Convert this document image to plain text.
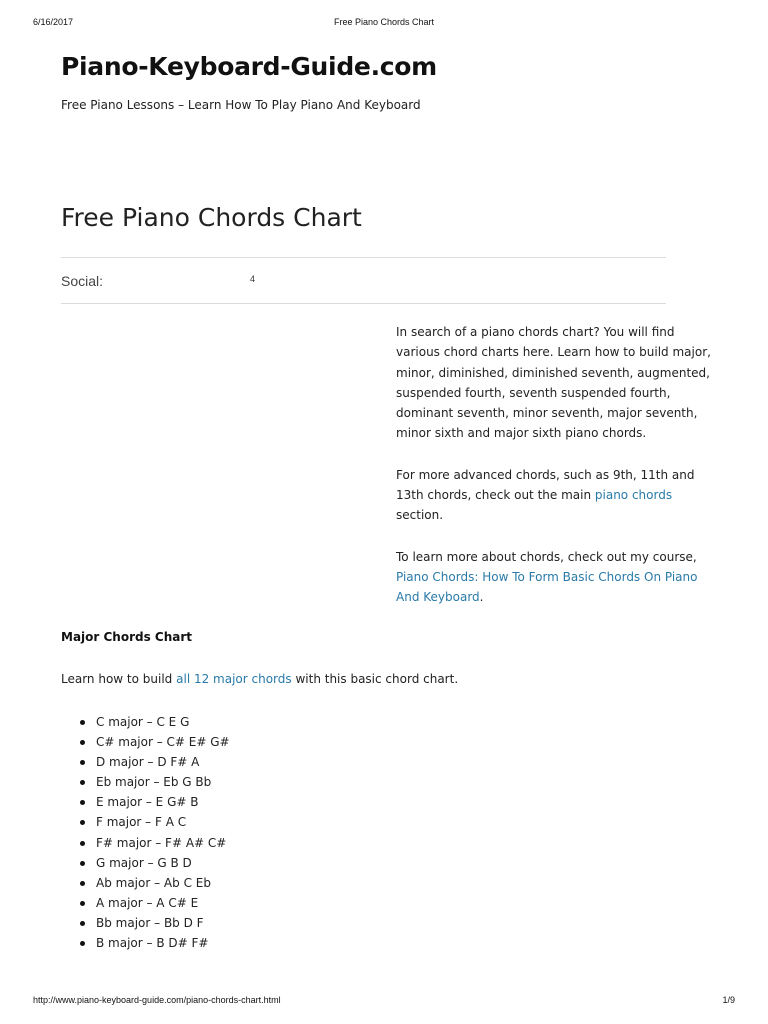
6/16/2017	Free Piano Chords Chart
Piano-Keyboard-Guide.com
Free Piano Lessons – Learn How To Play Piano And Keyboard
Free Piano Chords Chart
Social:	4

In search of a piano chords chart? You will find various chord charts here. Learn how to build major, minor, diminished, diminished seventh, augmented, suspended fourth, seventh suspended fourth, dominant seventh, minor seventh, major seventh, minor sixth and major sixth piano chords.

For more advanced chords, such as 9th, 11th and 13th chords, check out the main piano chords section.

To learn more about chords, check out my course, Piano Chords: How To Form Basic Chords On Piano And Keyboard.

Major Chords Chart
Learn how to build all 12 major chords with this basic chord chart.
C major – C E G
C# major – C# E# G#
D major – D F# A
Eb major – Eb G Bb
E major – E G# B
F major – F A C
F# major – F# A# C#
G major – G B D
Ab major – Ab C Eb
A major – A C# E
Bb major – Bb D F
B major – B D# F#
http://www.piano-keyboard-guide.com/piano-chords-chart.html	1/9
